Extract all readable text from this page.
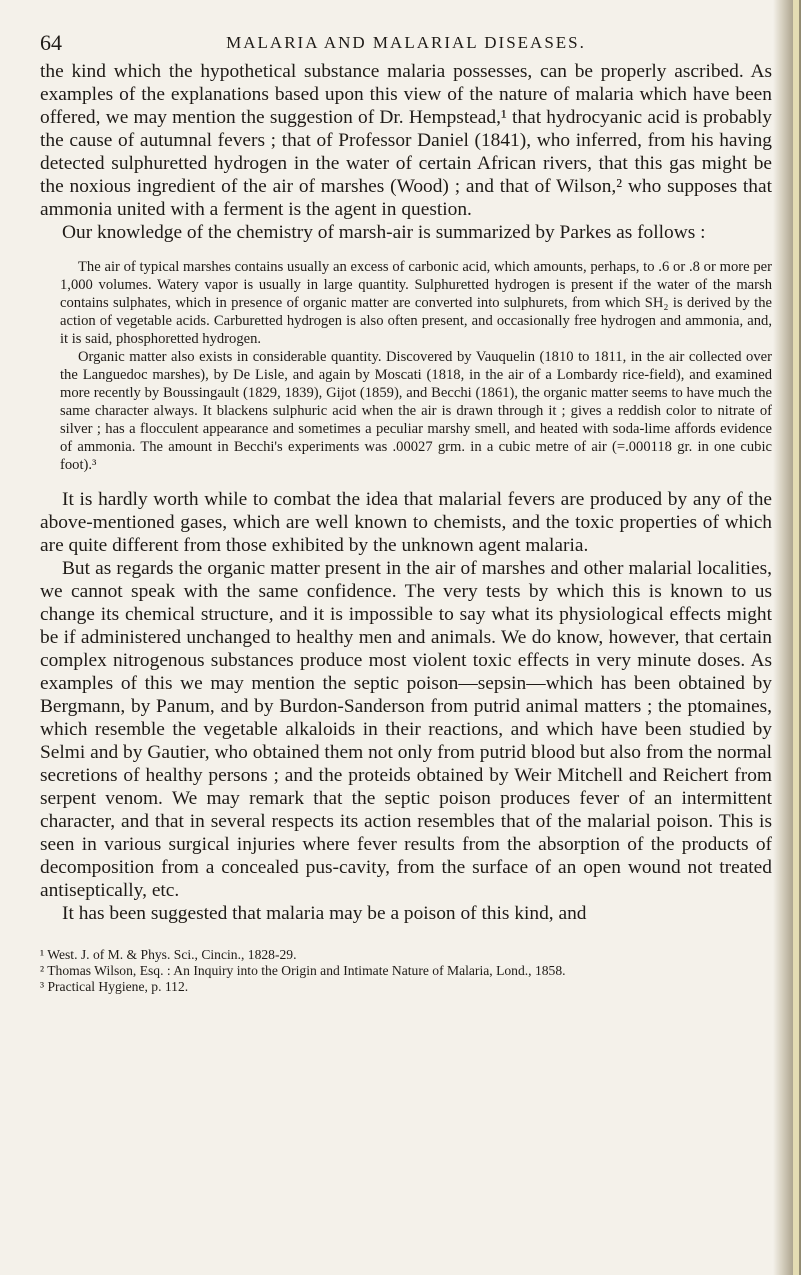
64	MALARIA AND MALARIAL DISEASES.

the kind which the hypothetical substance malaria possesses, can be properly ascribed. As examples of the explanations based upon this view of the nature of malaria which have been offered, we may mention the suggestion of Dr. Hempstead,¹ that hydrocyanic acid is probably the cause of autumnal fevers ; that of Professor Daniel (1841), who inferred, from his having detected sulphuretted hydrogen in the water of certain African rivers, that this gas might be the noxious ingredient of the air of marshes (Wood) ; and that of Wilson,² who supposes that ammonia united with a ferment is the agent in question.

Our knowledge of the chemistry of marsh-air is summarized by Parkes as follows :

The air of typical marshes contains usually an excess of carbonic acid, which amounts, perhaps, to .6 or .8 or more per 1,000 volumes. Watery vapor is usually in large quantity. Sulphuretted hydrogen is present if the water of the marsh contains sulphates, which in presence of organic matter are converted into sulphurets, from which SH₂ is derived by the action of vegetable acids. Carburetted hydrogen is also often present, and occasionally free hydrogen and ammonia, and, it is said, phosphoretted hydrogen.

Organic matter also exists in considerable quantity. Discovered by Vauquelin (1810 to 1811, in the air collected over the Languedoc marshes), by De Lisle, and again by Moscati (1818, in the air of a Lombardy rice-field), and examined more recently by Boussingault (1829, 1839), Gijot (1859), and Becchi (1861), the organic matter seems to have much the same character always. It blackens sulphuric acid when the air is drawn through it ; gives a reddish color to nitrate of silver ; has a flocculent appearance and sometimes a peculiar marshy smell, and heated with soda-lime affords evidence of ammonia. The amount in Becchi's experiments was .00027 grm. in a cubic metre of air (=.000118 gr. in one cubic foot).³

It is hardly worth while to combat the idea that malarial fevers are produced by any of the above-mentioned gases, which are well known to chemists, and the toxic properties of which are quite different from those exhibited by the unknown agent malaria.

But as regards the organic matter present in the air of marshes and other malarial localities, we cannot speak with the same confidence. The very tests by which this is known to us change its chemical structure, and it is impossible to say what its physiological effects might be if administered unchanged to healthy men and animals. We do know, however, that certain complex nitrogenous substances produce most violent toxic effects in very minute doses. As examples of this we may mention the septic poison—sepsin—which has been obtained by Bergmann, by Panum, and by Burdon-Sanderson from putrid animal matters ; the ptomaines, which resemble the vegetable alkaloids in their reactions, and which have been studied by Selmi and by Gautier, who obtained them not only from putrid blood but also from the normal secretions of healthy persons ; and the proteids obtained by Weir Mitchell and Reichert from serpent venom. We may remark that the septic poison produces fever of an intermittent character, and that in several respects its action resembles that of the malarial poison. This is seen in various surgical injuries where fever results from the absorption of the products of decomposition from a concealed pus-cavity, from the surface of an open wound not treated antiseptically, etc.

It has been suggested that malaria may be a poison of this kind, and

¹ West. J. of M. & Phys. Sci., Cincin., 1828-29.
² Thomas Wilson, Esq. : An Inquiry into the Origin and Intimate Nature of Malaria, Lond., 1858.
³ Practical Hygiene, p. 112.
